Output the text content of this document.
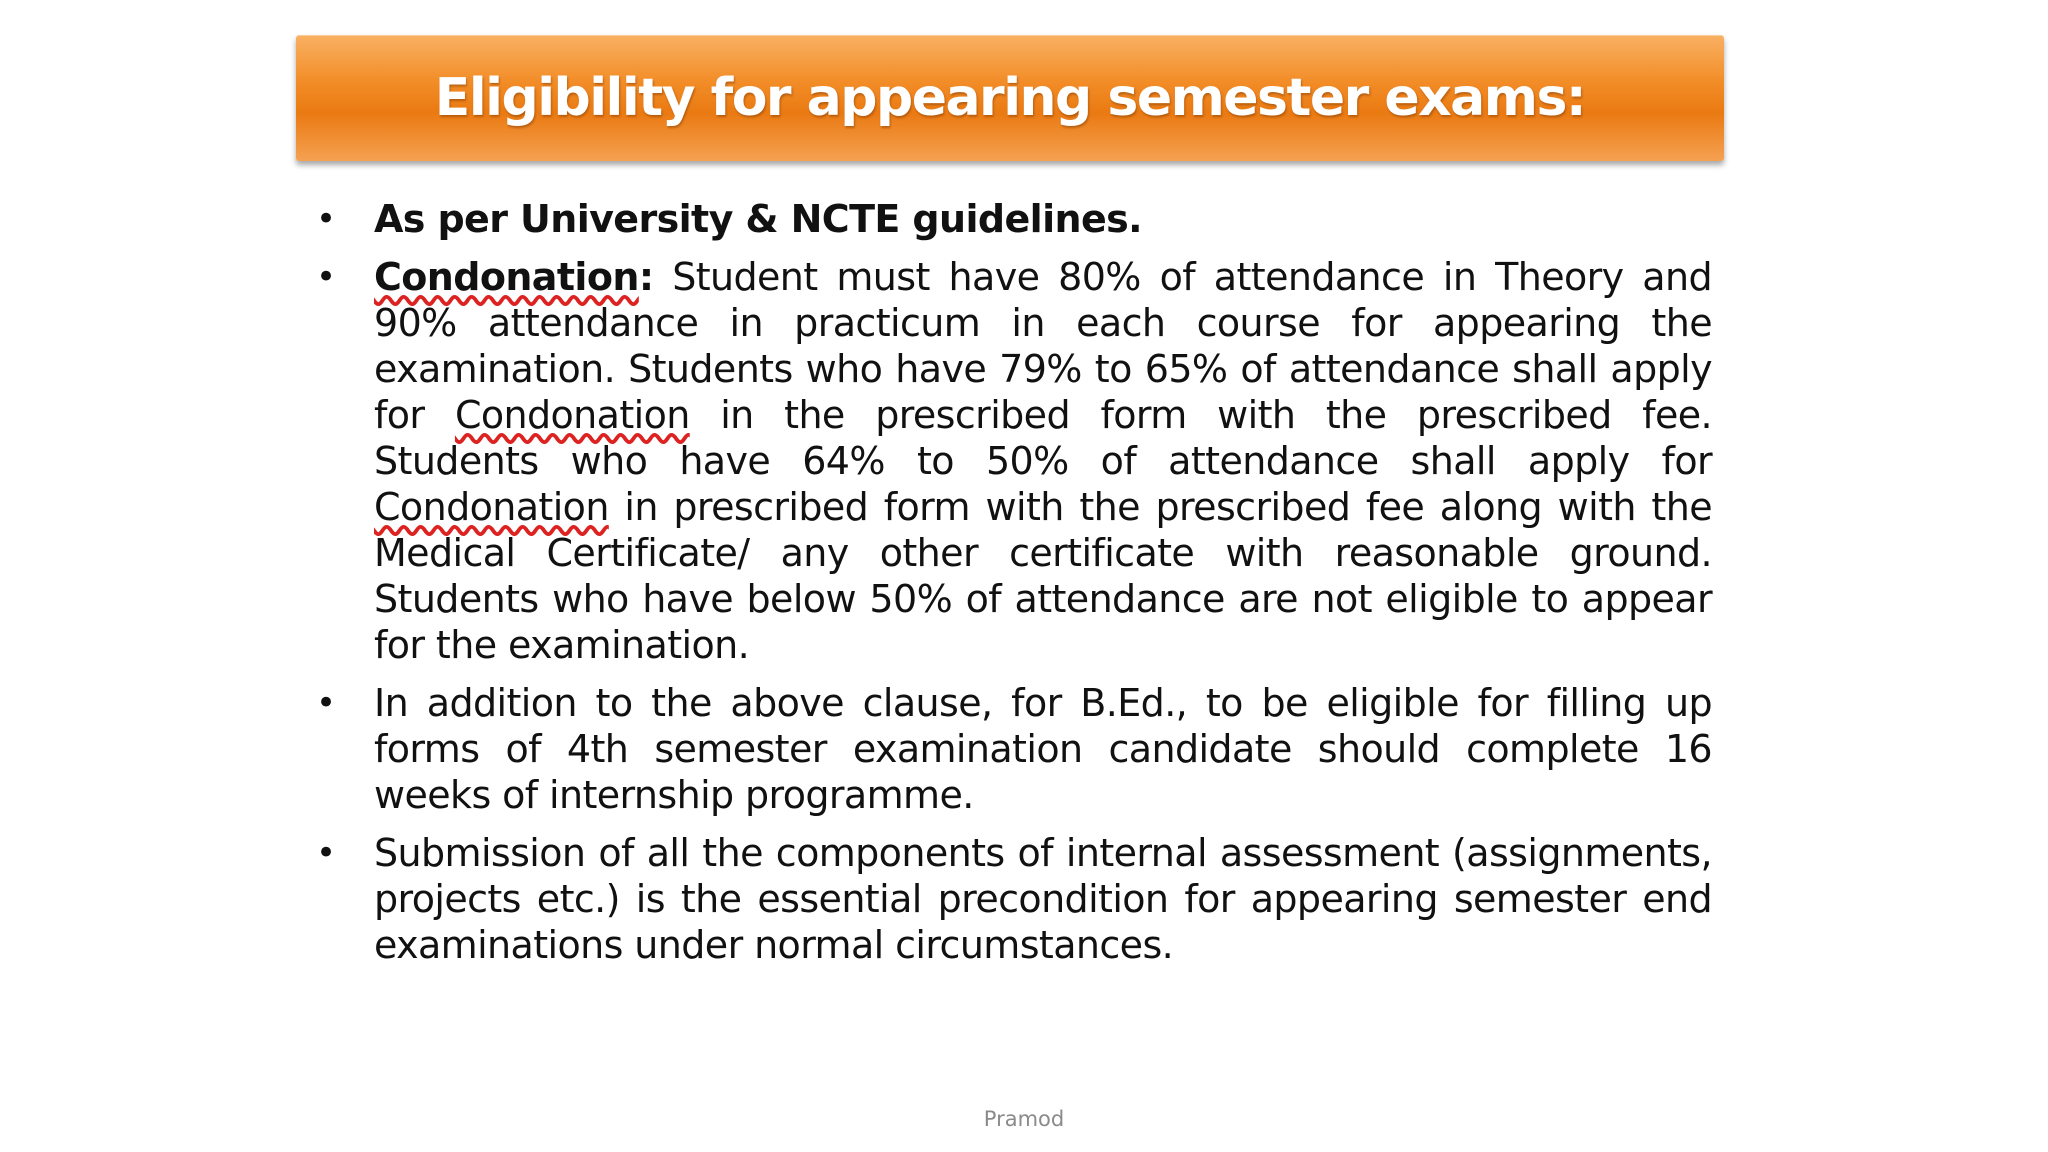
Eligibility for appearing semester exams:
• As per University & NCTE guidelines.
• Condonation: Student must have 80% of attendance in Theory and 90% attendance in practicum in each course for appearing the examination. Students who have 79% to 65% of attendance shall apply for Condonation in the prescribed form with the prescribed fee. Students who have 64% to 50% of attendance shall apply for Condonation in prescribed form with the prescribed fee along with the Medical Certificate/ any other certificate with reasonable ground. Students who have below 50% of attendance are not eligible to appear for the examination.
• In addition to the above clause, for B.Ed., to be eligible for filling up forms of 4th semester examination candidate should complete 16 weeks of internship programme.
• Submission of all the components of internal assessment (assignments, projects etc.) is the essential precondition for appearing semester end examinations under normal circumstances.
Pramod
